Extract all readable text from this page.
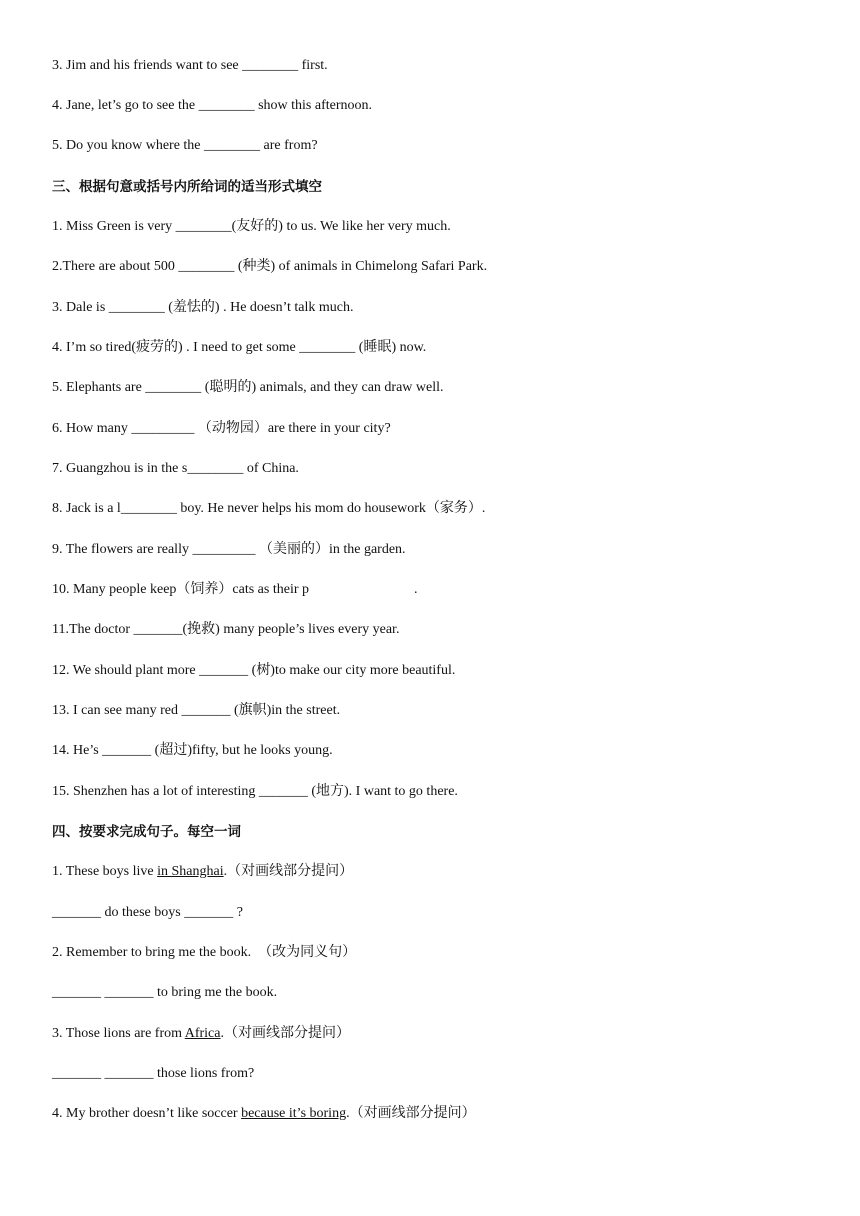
3. Jim and his friends want to see ________ first.
4. Jane, let’s go to see the ________ show this afternoon.
5. Do you know where the ________ are from?
三、根据句意或括号内所给词的适当形式填空
1. Miss Green is very ________(友好的) to us. We like her very much.
2.There are about 500 ________ (种类) of animals in Chimelong Safari Park.
3. Dale is ________ (羞怯的) . He doesn’t talk much.
4. I’m so tired(疲劳的) . I need to get some ________ (睡眠) now.
5. Elephants are ________ (聪明的) animals, and they can draw well.
6. How many _________ （动物园）are there in your city?
7. Guangzhou is in the s________ of China.
8. Jack is a l________ boy. He never helps his mom do housework（家务）.
9. The flowers are really _________ （美丽的）in the garden.
10. Many people keep（饲养）cats as their p                              .
11.The doctor _______(挽救) many people’s lives every year.
12. We should plant more _______ (树)to make our city more beautiful.
13. I can see many red _______ (旗帜)in the street.
14. He’s _______ (超过)fifty, but he looks young.
15. Shenzhen has a lot of interesting _______ (地方). I want to go there.
四、按要求完成句子。每空一词
1. These boys live in Shanghai.（对画线部分提问）
_______ do these boys _______ ?
2. Remember to bring me the book.  （改为同义句）
_______ _______ to bring me the book.
3. Those lions are from Africa.（对画线部分提问）
_______ _______ those lions from?
4. My brother doesn’t like soccer because it’s boring.（对画线部分提问）
